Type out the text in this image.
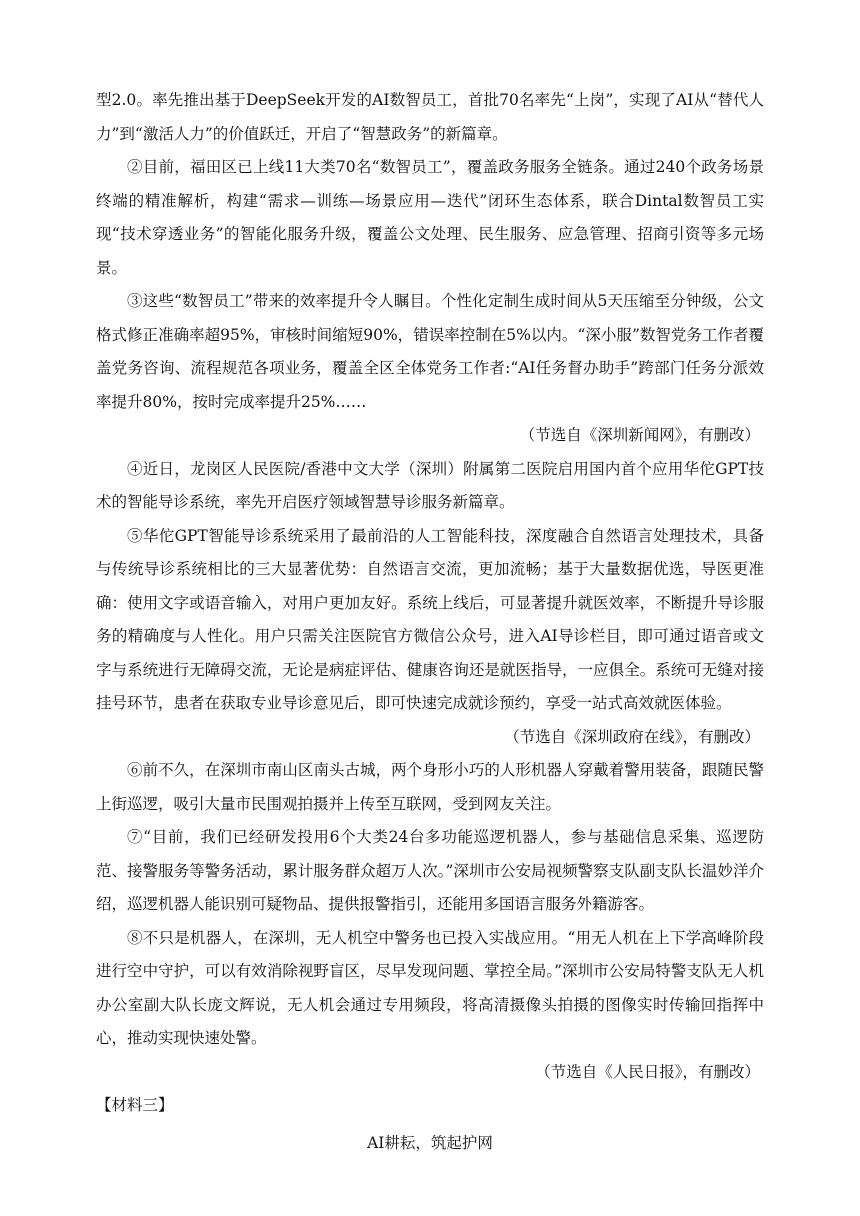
型2.0。率先推出基于DeepSeek开发的AI数智员工，首批70名率先“上岗”，实现了AI从“替代人力”到“激活人力”的价值跃迁，开启了“智慧政务”的新篇章。

②目前，福田区已上线11大类70名“数智员工”，覆盖政务服务全链条。通过240个政务场景终端的精准解析，构建“需求—训练—场景应用—迭代”闭环生态体系，联合Dintal数智员工实现“技术穿透业务”的智能化服务升级，覆盖公文处理、民生服务、应急管理、招商引资等多元场景。

③这些“数智员工”带来的效率提升令人瞩目。个性化定制生成时间从5天压缩至分钟级，公文格式修正准确率超95%，审核时间缩短90%，错误率控制在5%以内。“深小服”数智党务工作者覆盖党务咨询、流程规范各项业务，覆盖全区全体党务工作者:“AI任务督办助手”跨部门任务分派效率提升80%，按时完成率提升25%……

（节选自《深圳新闻网》，有删改）

④近日，龙岗区人民医院/香港中文大学（深圳）附属第二医院启用国内首个应用华佗GPT技术的智能导诊系统，率先开启医疗领域智慧导诊服务新篇章。

⑤华佗GPT智能导诊系统采用了最前沿的人工智能科技，深度融合自然语言处理技术，具备与传统导诊系统相比的三大显著优势：自然语言交流，更加流畅；基于大量数据优选，导医更准确：使用文字或语音输入，对用户更加友好。系统上线后，可显著提升就医效率，不断提升导诊服务的精确度与人性化。用户只需关注医院官方微信公众号，进入AI导诊栏目，即可通过语音或文字与系统进行无障碍交流，无论是病症评估、健康咨询还是就医指导，一应俱全。系统可无缝对接挂号环节，患者在获取专业导诊意见后，即可快速完成就诊预约，享受一站式高效就医体验。

（节选自《深圳政府在线》，有删改）

⑥前不久，在深圳市南山区南头古城，两个身形小巧的人形机器人穿戴着警用装备，跟随民警上街巡逻，吸引大量市民围观拍摄并上传至互联网，受到网友关注。

⑦“目前，我们已经研发投用6个大类24台多功能巡逻机器人，参与基础信息采集、巡逻防范、接警服务等警务活动，累计服务群众超万人次。”深圳市公安局视频警察支队副支队长温妙洋介绍，巡逻机器人能识别可疑物品、提供报警指引，还能用多国语言服务外籍游客。

⑧不只是机器人，在深圳，无人机空中警务也已投入实战应用。“用无人机在上下学高峰阶段进行空中守护，可以有效消除视野盲区，尽早发现问题、掌控全局。”深圳市公安局特警支队无人机办公室副大队长庞文辉说，无人机会通过专用频段，将高清摄像头拍摄的图像实时传输回指挥中心，推动实现快速处警。

（节选自《人民日报》，有删改）

【材料三】

AI耕耘，筑起护网
